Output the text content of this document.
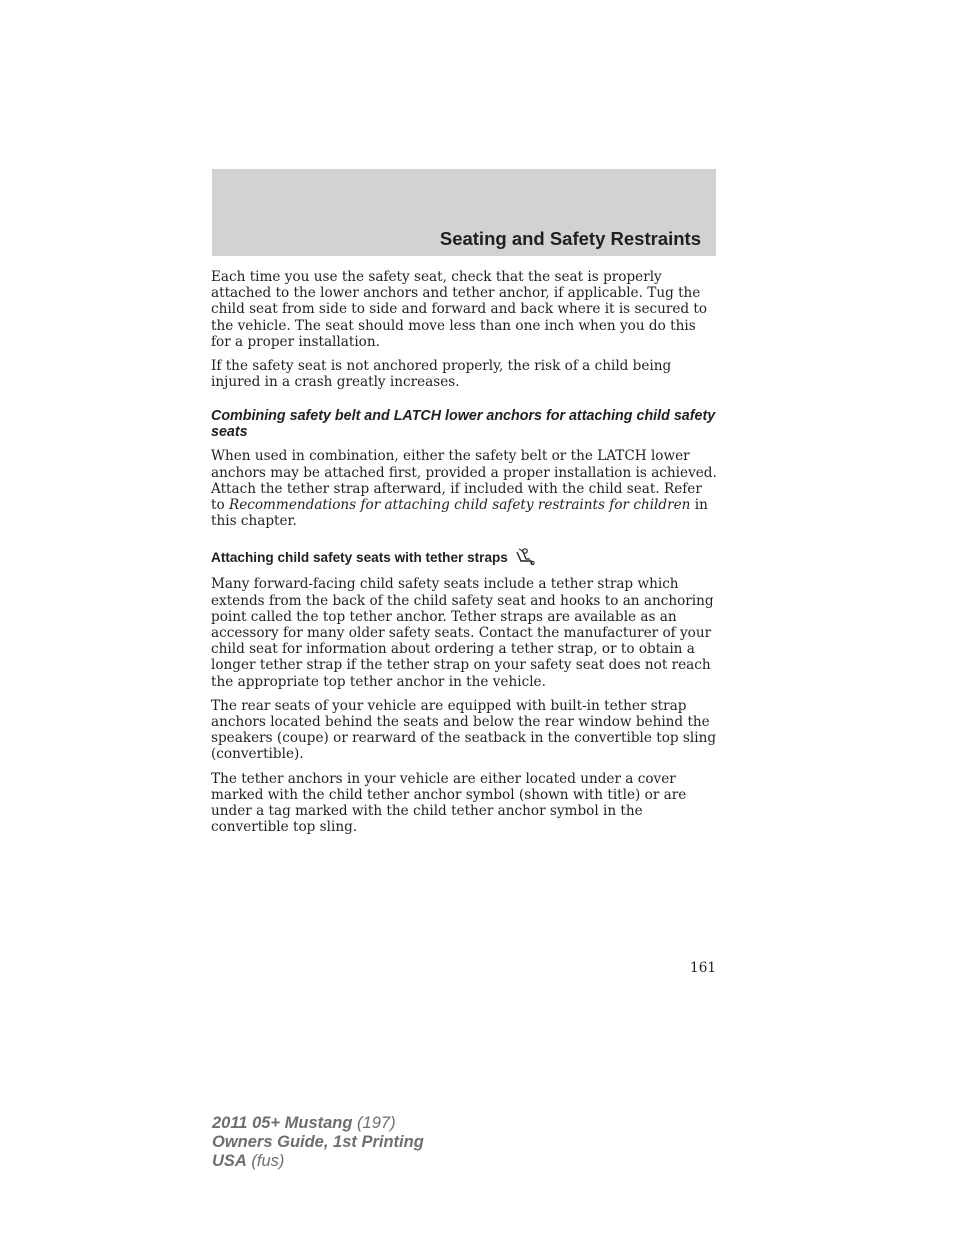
Seating and Safety Restraints

Each time you use the safety seat, check that the seat is properly attached to the lower anchors and tether anchor, if applicable. Tug the child seat from side to side and forward and back where it is secured to the vehicle. The seat should move less than one inch when you do this for a proper installation.

If the safety seat is not anchored properly, the risk of a child being injured in a crash greatly increases.

Combining safety belt and LATCH lower anchors for attaching child safety seats

When used in combination, either the safety belt or the LATCH lower anchors may be attached first, provided a proper installation is achieved. Attach the tether strap afterward, if included with the child seat. Refer to Recommendations for attaching child safety restraints for children in this chapter.

Attaching child safety seats with tether straps

Many forward-facing child safety seats include a tether strap which extends from the back of the child safety seat and hooks to an anchoring point called the top tether anchor. Tether straps are available as an accessory for many older safety seats. Contact the manufacturer of your child seat for information about ordering a tether strap, or to obtain a longer tether strap if the tether strap on your safety seat does not reach the appropriate top tether anchor in the vehicle.

The rear seats of your vehicle are equipped with built-in tether strap anchors located behind the seats and below the rear window behind the speakers (coupe) or rearward of the seatback in the convertible top sling (convertible).

The tether anchors in your vehicle are either located under a cover marked with the child tether anchor symbol (shown with title) or are under a tag marked with the child tether anchor symbol in the convertible top sling.

161
2011 05+ Mustang (197)
Owners Guide, 1st Printing
USA (fus)
